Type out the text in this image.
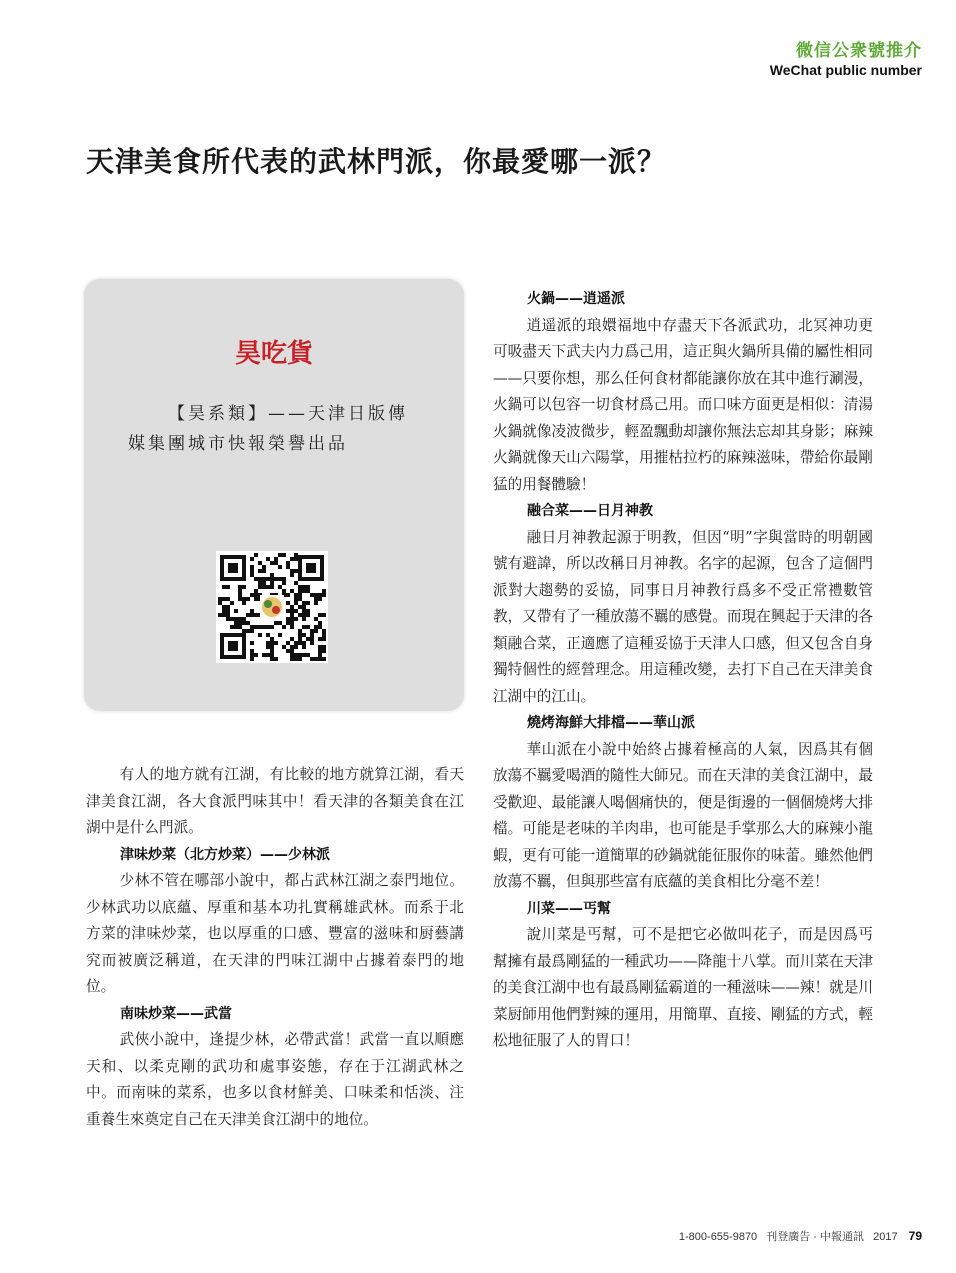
微信公衆號推介
WeChat public number
天津美食所代表的武林門派，你最愛哪一派？
昊吃貨
【昊系類】——天津日版傳
媒集團城市快報榮譽出品

有人的地方就有江湖，有比較的地方就算江湖，看天津美食江湖，各大食派門味其中！看天津的各類美食在江湖中是什么門派。

津味炒菜（北方炒菜）——少林派

少林不管在哪部小說中，都占武林江湖之泰門地位。少林武功以底蘊、厚重和基本功扎實稱雄武林。而系于北方菜的津味炒菜，也以厚重的口感、豐富的滋味和厨藝講究而被廣泛稱道，在天津的門味江湖中占據着泰門的地位。

南味炒菜——武當

武俠小說中，逢提少林，必帶武當！武當一直以順應天和、以柔克剛的武功和處事姿態，存在于江湖武林之中。而南味的菜系，也多以食材鮮美、口味柔和恬淡、注重養生來奠定自己在天津美食江湖中的地位。

火鍋——逍遥派

逍遥派的琅嬛福地中存盡天下各派武功，北冥神功更可吸盡天下武夫内力爲己用，這正與火鍋所具備的屬性相同——只要你想，那么任何食材都能讓你放在其中進行涮漫，火鍋可以包容一切食材爲己用。而口味方面更是相似：清湯火鍋就像凌波微步，輕盈飄動却讓你無法忘却其身影；麻辣火鍋就像天山六陽掌，用摧枯拉朽的麻辣滋味，帶給你最剛猛的用餐體驗！

融合菜——日月神教

融日月神教起源于明教，但因“明”字與當時的明朝國號有避諱，所以改稱日月神教。名字的起源，包含了這個門派對大趨勢的妥協，同事日月神教行爲多不受正常禮數管教，又帶有了一種放蕩不羈的感覺。而現在興起于天津的各類融合菜，正適應了這種妥協于天津人口感，但又包含自身獨特個性的經營理念。用這種改變，去打下自己在天津美食江湖中的江山。

燒烤海鮮大排檔——華山派

華山派在小說中始終占據着極高的人氣，因爲其有個放蕩不羈愛喝酒的隨性大師兄。而在天津的美食江湖中，最受歡迎、最能讓人喝個痛快的，便是街邊的一個個燒烤大排檔。可能是老味的羊肉串，也可能是手掌那么大的麻辣小龍蝦，更有可能一道簡單的砂鍋就能征服你的味蕾。雖然他們放蕩不羈，但與那些富有底蘊的美食相比分毫不差！

川菜——丐幫

說川菜是丐幫，可不是把它必做叫花子，而是因爲丐幫擁有最爲剛猛的一種武功——降龍十八掌。而川菜在天津的美食江湖中也有最爲剛猛霸道的一種滋味——辣！就是川菜厨師用他們對辣的運用，用簡單、直接、剛猛的方式，輕松地征服了人的胃口！

1-800-655-9870 刊登廣告 · 中報通訊 2017 79
